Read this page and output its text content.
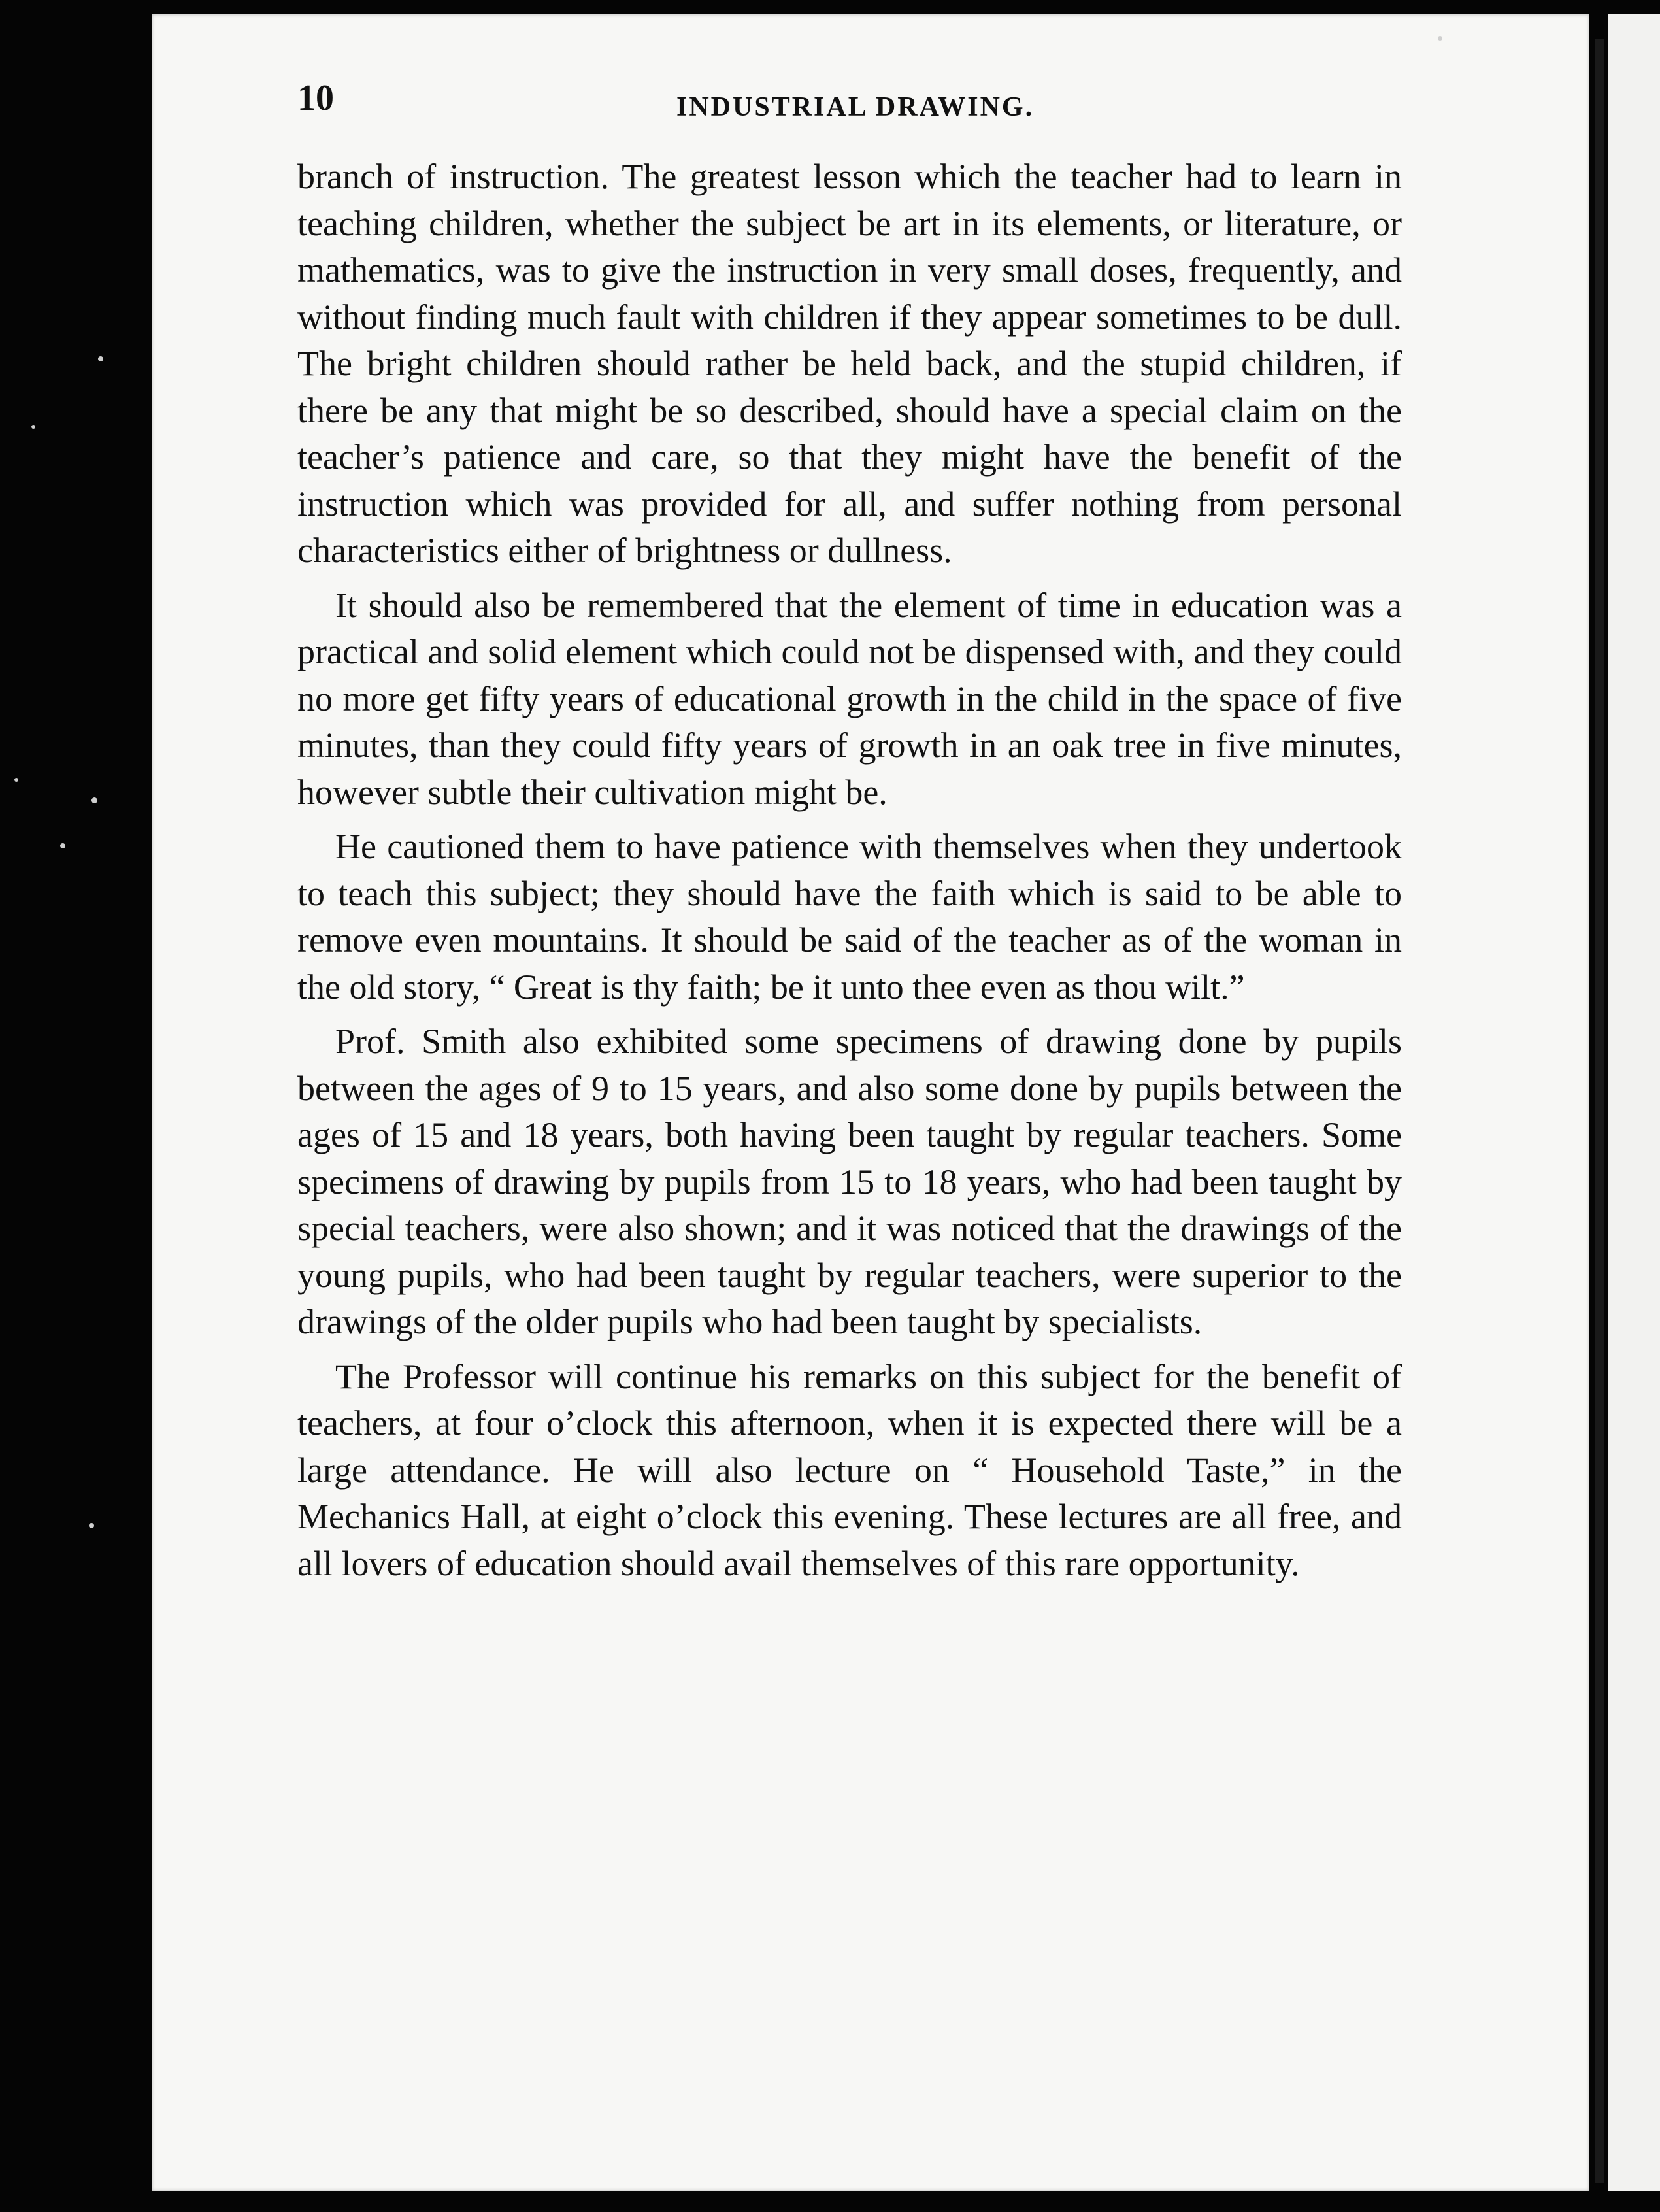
10	INDUSTRIAL DRAWING.

branch of instruction. The greatest lesson which the teacher had to learn in teaching children, whether the subject be art in its elements, or literature, or mathematics, was to give the instruction in very small doses, frequently, and without finding much fault with children if they appear sometimes to be dull. The bright children should rather be held back, and the stupid children, if there be any that might be so described, should have a special claim on the teacher’s patience and care, so that they might have the benefit of the instruction which was provided for all, and suffer nothing from personal characteristics either of brightness or dullness.

It should also be remembered that the element of time in education was a practical and solid element which could not be dispensed with, and they could no more get fifty years of educational growth in the child in the space of five minutes, than they could fifty years of growth in an oak tree in five minutes, however subtle their cultivation might be.

He cautioned them to have patience with themselves when they undertook to teach this subject; they should have the faith which is said to be able to remove even mountains. It should be said of the teacher as of the woman in the old story, “ Great is thy faith; be it unto thee even as thou wilt.”

Prof. Smith also exhibited some specimens of drawing done by pupils between the ages of 9 to 15 years, and also some done by pupils between the ages of 15 and 18 years, both having been taught by regular teachers. Some specimens of drawing by pupils from 15 to 18 years, who had been taught by special teachers, were also shown; and it was noticed that the drawings of the young pupils, who had been taught by regular teachers, were superior to the drawings of the older pupils who had been taught by specialists.

The Professor will continue his remarks on this subject for the benefit of teachers, at four o’clock this afternoon, when it is expected there will be a large attendance. He will also lecture on “ Household Taste,” in the Mechanics Hall, at eight o’clock this evening. These lectures are all free, and all lovers of education should avail themselves of this rare opportunity.
